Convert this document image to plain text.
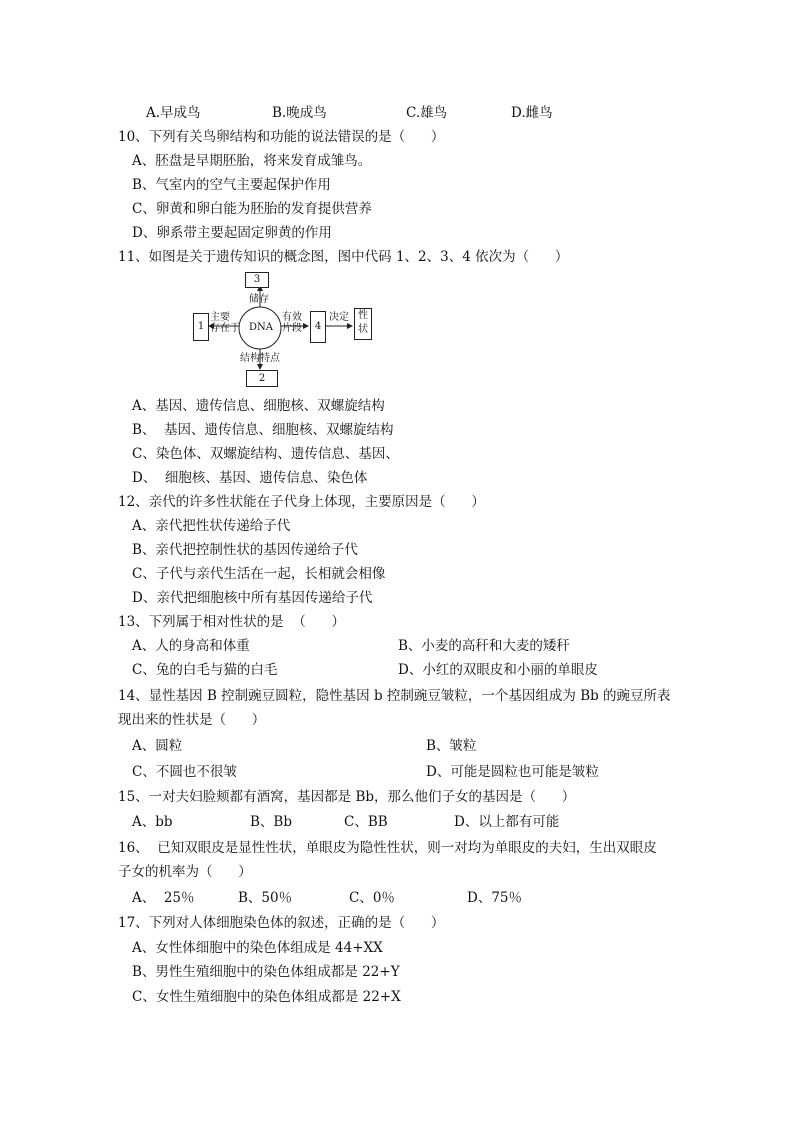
A.早成鸟	B.晚成鸟	C.雄鸟	D.雌鸟
10、下列有关鸟卵结构和功能的说法错误的是（      ）
A、胚盘是早期胚胎，将来发育成雏鸟。
B、气室内的空气主要起保护作用
C、卵黄和卵白能为胚胎的发育提供营养
D、卵系带主要起固定卵黄的作用
11、如图是关于遗传知识的概念图，图中代码 1、2、3、4 依次为（      ）
3
储存
1
主要
存在于 DNA
有效
片段	4
决定 性
状
结构特点
2
A、基因、遗传信息、细胞核、双螺旋结构
B、  基因、遗传信息、细胞核、双螺旋结构
C、染色体、双螺旋结构、遗传信息、基因、
D、  细胞核、基因、遗传信息、染色体
12、亲代的许多性状能在子代身上体现，主要原因是（      ）
A、亲代把性状传递给子代
B、亲代把控制性状的基因传递给子代
C、子代与亲代生活在一起，长相就会相像
D、亲代把细胞核中所有基因传递给子代
13、下列属于相对性状的是  （      ）
A、人的身高和体重	B、小麦的高秆和大麦的矮秆
C、兔的白毛与猫的白毛	D、小红的双眼皮和小丽的单眼皮
14、显性基因 B 控制豌豆圆粒，隐性基因 b 控制豌豆皱粒，一个基因组成为 Bb 的豌豆所表
现出来的性状是（      ）
A、圆粒	B、皱粒
C、不圆也不很皱	D、可能是圆粒也可能是皱粒
15、一对夫妇脸颊都有酒窝，基因都是 Bb，那么他们子女的基因是（      ）
A、bb	B、Bb	C、BB	D、以上都有可能
16、  已知双眼皮是显性性状，单眼皮为隐性性状，则一对均为单眼皮的夫妇，生出双眼皮
子女的机率为（      ）
A、  25％	B、50％	C、0％	D、75％
17、下列对人体细胞染色体的叙述，正确的是（      ）
A、女性体细胞中的染色体组成是 44+XX
B、男性生殖细胞中的染色体组成都是 22+Y
C、女性生殖细胞中的染色体组成都是 22+X
